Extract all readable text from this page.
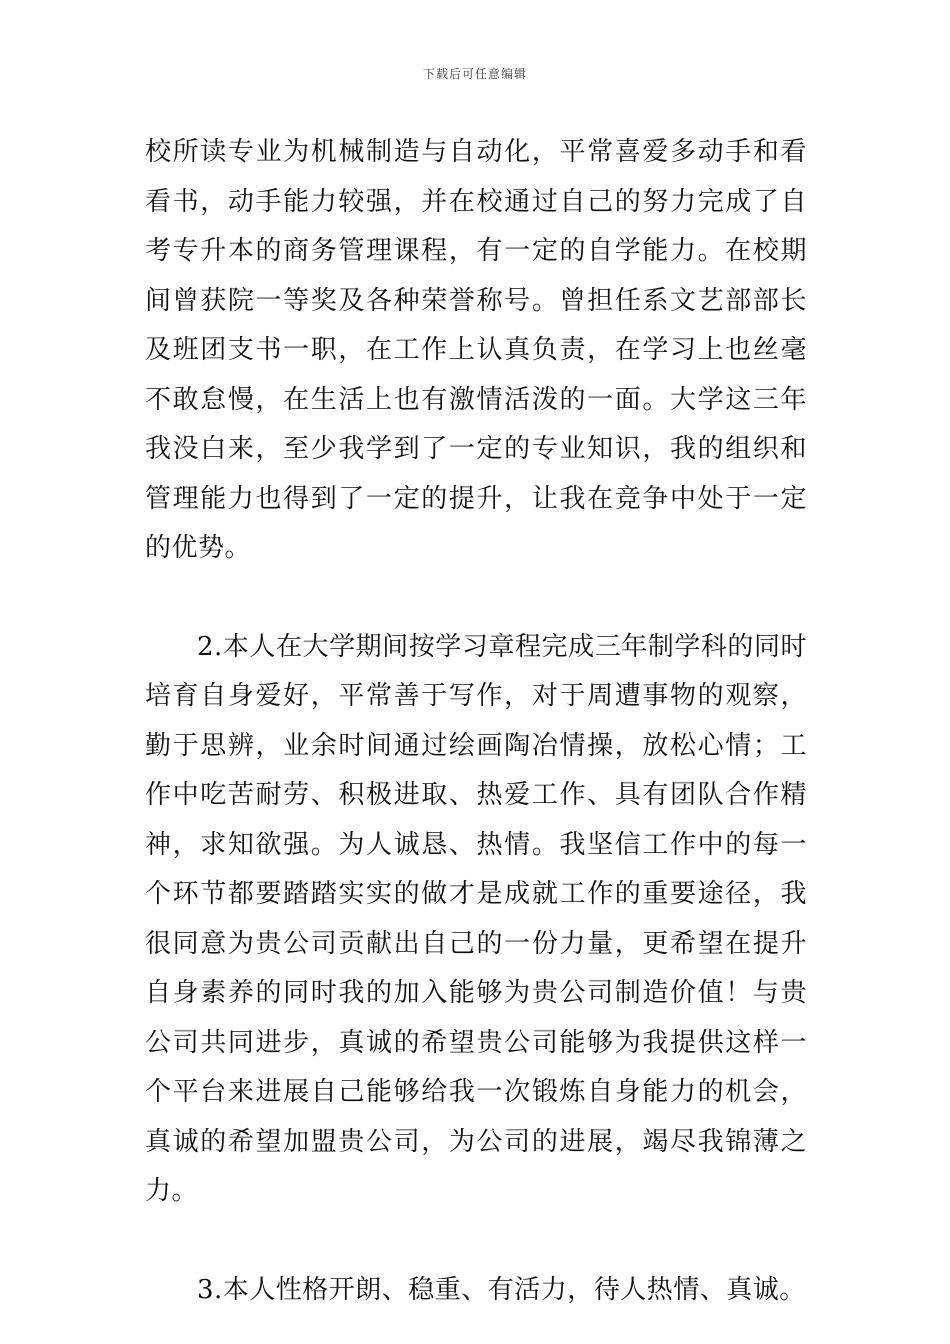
下载后可任意编辑

校所读专业为机械制造与自动化，平常喜爱多动手和看看书，动手能力较强，并在校通过自己的努力完成了自考专升本的商务管理课程，有一定的自学能力。在校期间曾获院一等奖及各种荣誉称号。曾担任系文艺部部长及班团支书一职，在工作上认真负责，在学习上也丝毫不敢怠慢，在生活上也有激情活泼的一面。大学这三年我没白来，至少我学到了一定的专业知识，我的组织和管理能力也得到了一定的提升，让我在竞争中处于一定的优势。

2.本人在大学期间按学习章程完成三年制学科的同时培育自身爱好，平常善于写作，对于周遭事物的观察，勤于思辨，业余时间通过绘画陶冶情操，放松心情；工作中吃苦耐劳、积极进取、热爱工作、具有团队合作精神，求知欲强。为人诚恳、热情。我坚信工作中的每一个环节都要踏踏实实的做才是成就工作的重要途径，我很同意为贵公司贡献出自己的一份力量，更希望在提升自身素养的同时我的加入能够为贵公司制造价值！与贵公司共同进步，真诚的希望贵公司能够为我提供这样一个平台来进展自己能够给我一次锻炼自身能力的机会，真诚的希望加盟贵公司，为公司的进展，竭尽我锦薄之力。

3.本人性格开朗、稳重、有活力，待人热情、真诚。
